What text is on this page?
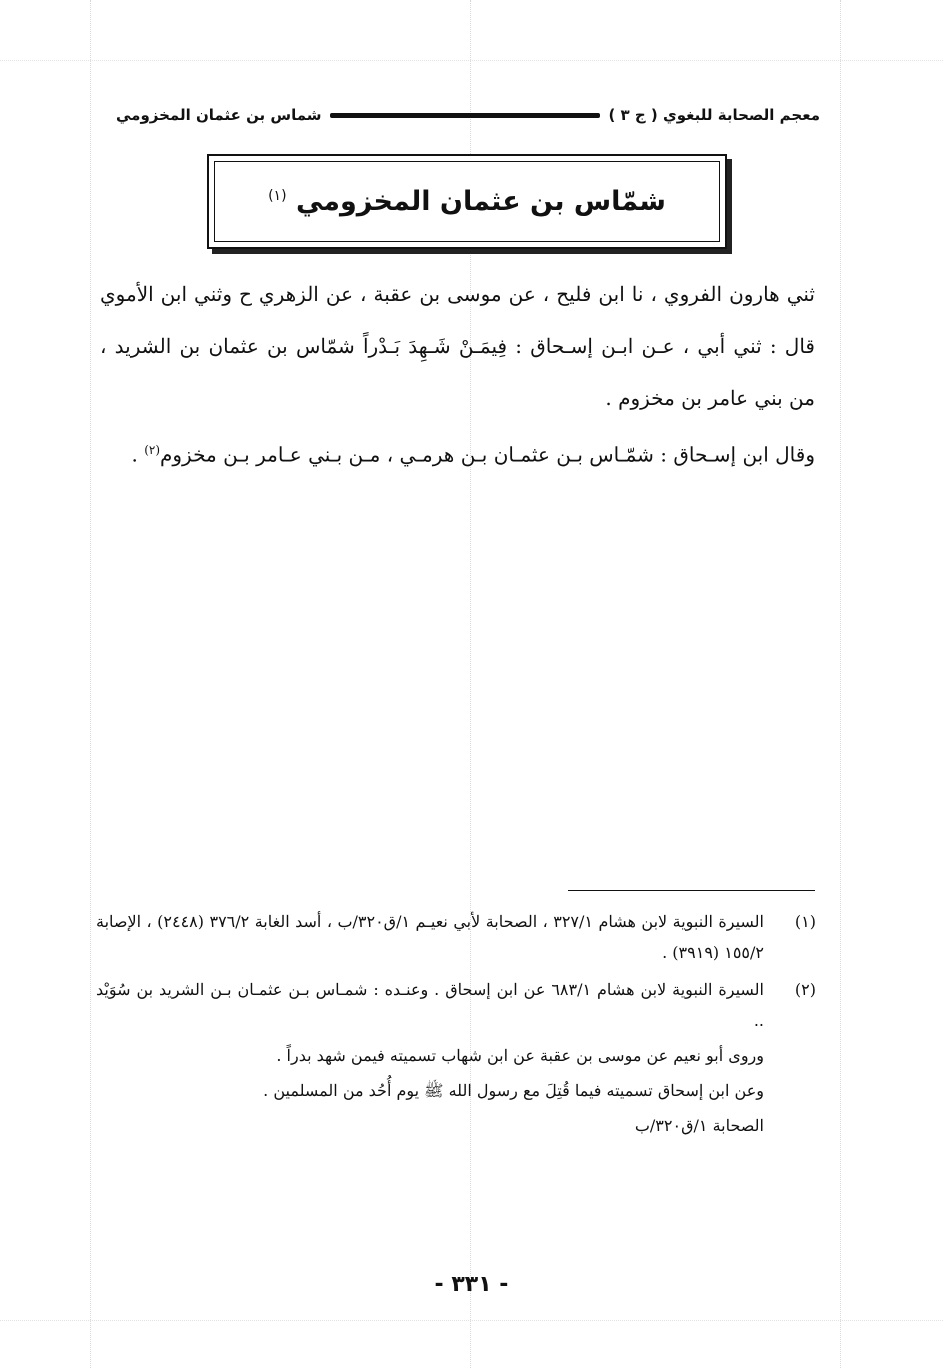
معجم الصحابة للبغوي ( ج ٣ )
شماس بن عثمان المخزومي
شمّاس بن عثمان المخزومي $^{(١)}$

ثني هارون الفروي ، نا ابن فليح ، عن موسى بن عقبة ، عن الزهري ح وثني ابن الأموي قال : ثني أبي ، عـن ابـن إسـحاق : فِيمَـنْ شَـهِدَ بَـدْراً شمّاس بن عثمان بن الشريد ، من بني عامر بن مخزوم .

وقال ابن إسـحاق : شمّـاس بـن عثمـان بـن هرمـي ، مـن بـني عـامر بـن مخزوم$^{(٢)}$ .

(١)

السيرة النبوية لابن هشام ٣٢٧/١ ، الصحابة لأبي نعيـم ١/ق٣٢٠/ب ، أسد الغابة ٣٧٦/٢ (٢٤٤٨) ، الإصابة ١٥٥/٢ (٣٩١٩) .

(٢)

السيرة النبوية لابن هشام ٦٨٣/١ عن ابن إسحاق . وعنـده : شمـاس بـن عثمـان بـن الشريد بن سُوَيْد ..

وروى أبو نعيم عن موسى بن عقبة عن ابن شهاب تسميته فيمن شهد بدراً .

وعن ابن إسحاق تسميته فيما قُتِلَ مع رسول الله ﷺ يوم أُحُد من المسلمين .

الصحابة ١/ق٣٢٠/ب

- ٣٣١ -
